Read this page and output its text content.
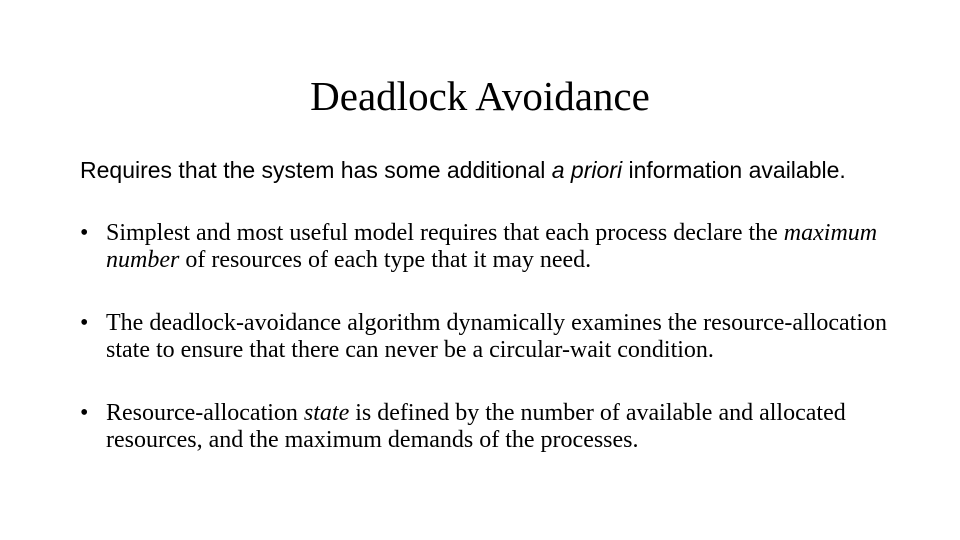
Deadlock Avoidance

Requires that the system has some additional a priori information available.

• Simplest and most useful model requires that each process declare the maximum number of resources of each type that it may need.
• The deadlock-avoidance algorithm dynamically examines the resource-allocation state to ensure that there can never be a circular-wait condition.
• Resource-allocation state is defined by the number of available and allocated resources, and the maximum demands of the processes.
